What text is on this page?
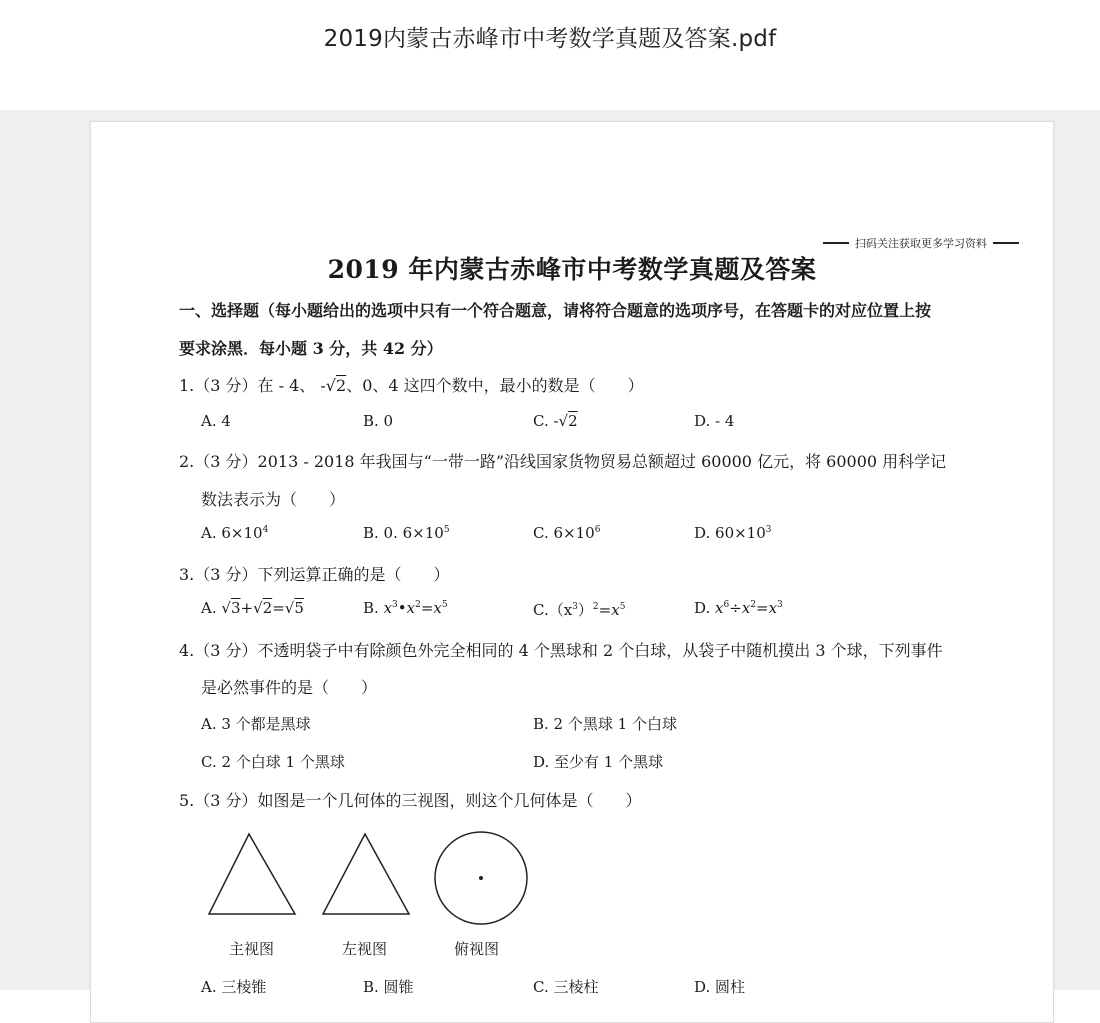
2019内蒙古赤峰市中考数学真题及答案.pdf
扫码关注获取更多学习资料
2019 年内蒙古赤峰市中考数学真题及答案
一、选择题（每小题给出的选项中只有一个符合题意，请将符合题意的选项序号，在答题卡的对应位置上按
要求涂黑．每小题 3 分，共 42 分）
1.（3 分）在 - 4、 -√2、0、4 这四个数中，最小的数是（　　）
A. 4	B. 0	C. -√2	D. - 4
2.（3 分）2013 - 2018 年我国与“一带一路”沿线国家货物贸易总额超过 60000 亿元，将 60000 用科学记
数法表示为（　　）
A. $6\times 10^4$	B. 0. $6\times 10^5$	C. $6\times 10^6$	D. $60\times 10^3$
3.（3 分）下列运算正确的是（　　）
A. √3+√2=√5	B. $x^3•x^2=x^5$	$C.(x^3)^2=x^5$	D. $x^6\div x^2=x^3$
4.（3 分）不透明袋子中有除颜色外完全相同的 4 个黑球和 2 个白球，从袋子中随机摸出 3 个球，下列事件
是必然事件的是（　　）
A. 3 个都是黑球	B. 2 个黑球 1 个白球
C. 2 个白球 1 个黑球	D. 至少有 1 个黑球
5.（3 分）如图是一个几何体的三视图，则这个几何体是（　　）
主视图	左视图	俯视图
A. 三棱锥	B. 圆锥	C. 三棱柱	D. 圆柱
